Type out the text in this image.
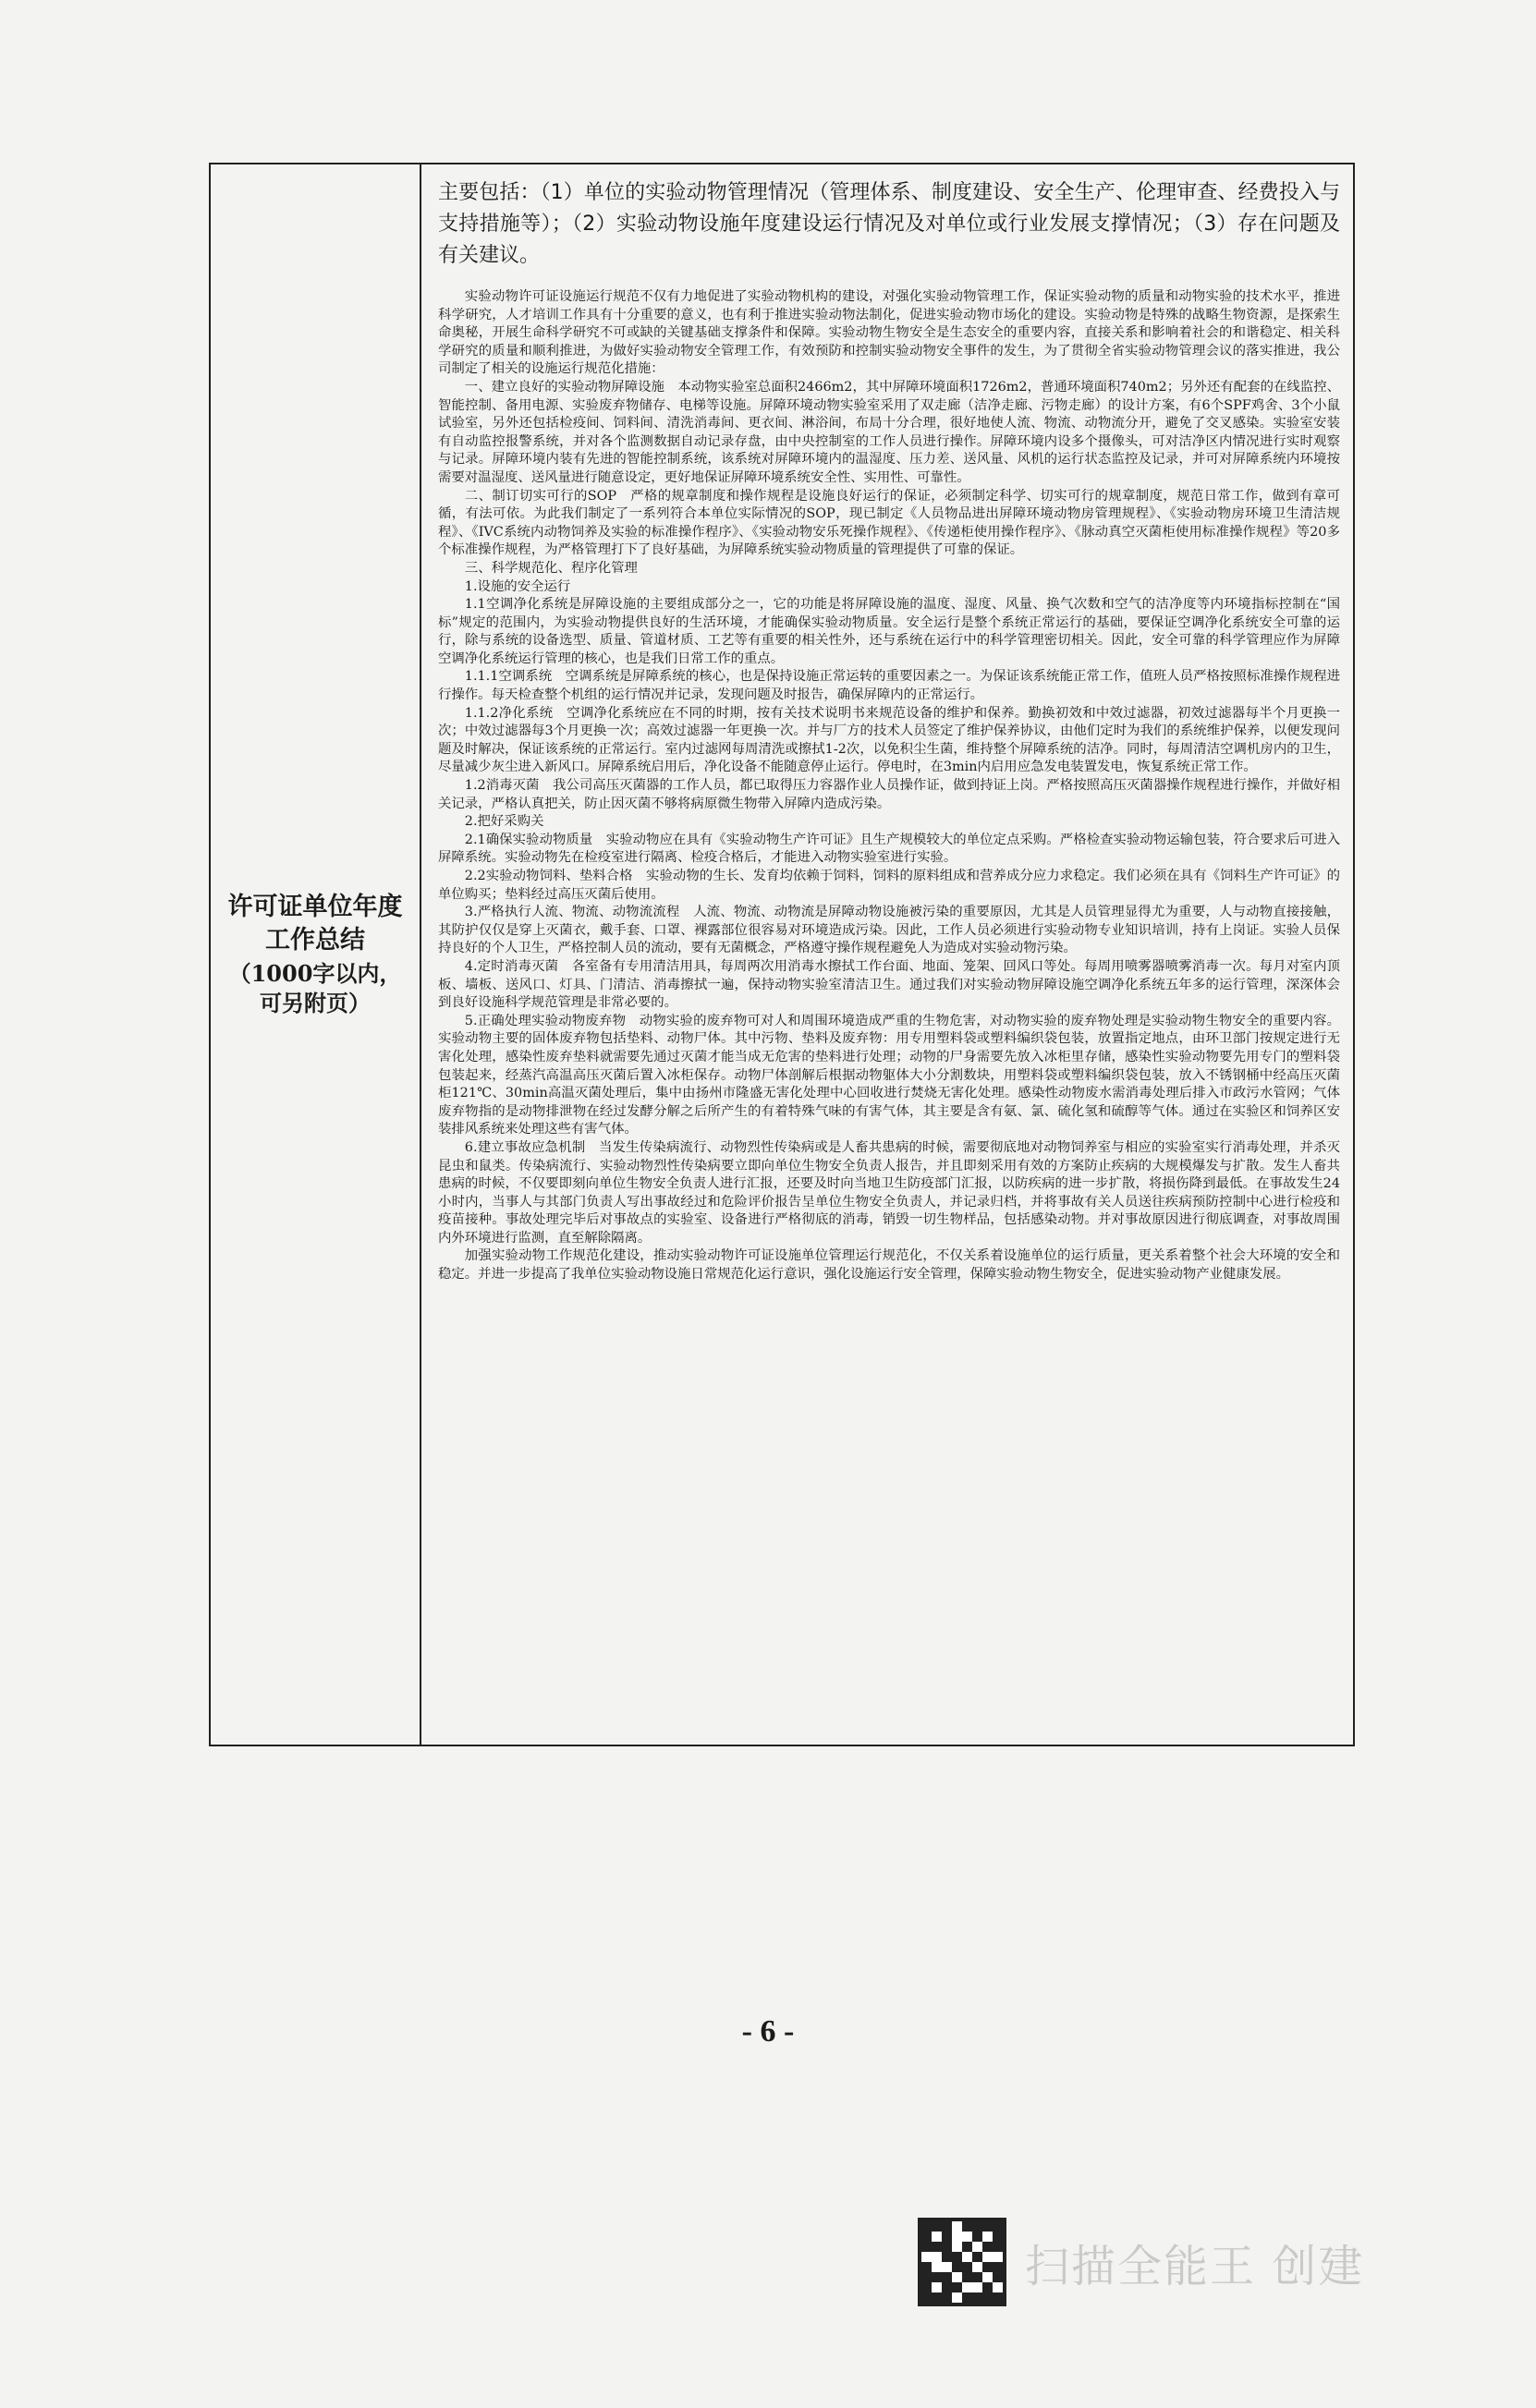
许可证单位年度工作总结
（1000字以内，可另附页）

主要包括：（1）单位的实验动物管理情况（管理体系、制度建设、安全生产、伦理审查、经费投入与支持措施等）；（2）实验动物设施年度建设运行情况及对单位或行业发展支撑情况；（3）存在问题及有关建议。

实验动物许可证设施运行规范不仅有力地促进了实验动物机构的建设，对强化实验动物管理工作，保证实验动物的质量和动物实验的技术水平，推进科学研究，人才培训工作具有十分重要的意义，也有利于推进实验动物法制化，促进实验动物市场化的建设。实验动物是特殊的战略生物资源，是探索生命奥秘，开展生命科学研究不可或缺的关键基础支撑条件和保障。实验动物生物安全是生态安全的重要内容，直接关系和影响着社会的和谐稳定、相关科学研究的质量和顺利推进，为做好实验动物安全管理工作，有效预防和控制实验动物安全事件的发生，为了贯彻全省实验动物管理会议的落实推进，我公司制定了相关的设施运行规范化措施：

一、建立良好的实验动物屏障设施　本动物实验室总面积2466m2，其中屏障环境面积1726m2，普通环境面积740m2；另外还有配套的在线监控、智能控制、备用电源、实验废弃物储存、电梯等设施。屏障环境动物实验室采用了双走廊（洁净走廊、污物走廊）的设计方案，有6个SPF鸡舍、3个小鼠试验室，另外还包括检疫间、饲料间、清洗消毒间、更衣间、淋浴间，布局十分合理，很好地使人流、物流、动物流分开，避免了交叉感染。实验室安装有自动监控报警系统，并对各个监测数据自动记录存盘，由中央控制室的工作人员进行操作。屏障环境内设多个摄像头，可对洁净区内情况进行实时观察与记录。屏障环境内装有先进的智能控制系统，该系统对屏障环境内的温湿度、压力差、送风量、风机的运行状态监控及记录，并可对屏障系统内环境按需要对温湿度、送风量进行随意设定，更好地保证屏障环境系统安全性、实用性、可靠性。

二、制订切实可行的SOP　严格的规章制度和操作规程是设施良好运行的保证，必须制定科学、切实可行的规章制度，规范日常工作，做到有章可循，有法可依。为此我们制定了一系列符合本单位实际情况的SOP，现已制定《人员物品进出屏障环境动物房管理规程》、《实验动物房环境卫生清洁规程》、《IVC系统内动物饲养及实验的标准操作程序》、《实验动物安乐死操作规程》、《传递柜使用操作程序》、《脉动真空灭菌柜使用标准操作规程》等20多个标准操作规程，为严格管理打下了良好基础，为屏障系统实验动物质量的管理提供了可靠的保证。

三、科学规范化、程序化管理

1.设施的安全运行

1.1空调净化系统是屏障设施的主要组成部分之一，它的功能是将屏障设施的温度、湿度、风量、换气次数和空气的洁净度等内环境指标控制在“国标”规定的范围内，为实验动物提供良好的生活环境，才能确保实验动物质量。安全运行是整个系统正常运行的基础，要保证空调净化系统安全可靠的运行，除与系统的设备选型、质量、管道材质、工艺等有重要的相关性外，还与系统在运行中的科学管理密切相关。因此，安全可靠的科学管理应作为屏障空调净化系统运行管理的核心，也是我们日常工作的重点。

1.1.1空调系统　空调系统是屏障系统的核心，也是保持设施正常运转的重要因素之一。为保证该系统能正常工作，值班人员严格按照标准操作规程进行操作。每天检查整个机组的运行情况并记录，发现问题及时报告，确保屏障内的正常运行。

1.1.2净化系统　空调净化系统应在不同的时期，按有关技术说明书来规范设备的维护和保养。勤换初效和中效过滤器，初效过滤器每半个月更换一次；中效过滤器每3个月更换一次；高效过滤器一年更换一次。并与厂方的技术人员签定了维护保养协议，由他们定时为我们的系统维护保养，以便发现问题及时解决，保证该系统的正常运行。室内过滤网每周清洗或擦拭1-2次，以免积尘生菌，维持整个屏障系统的洁净。同时，每周清洁空调机房内的卫生，尽量减少灰尘进入新风口。屏障系统启用后，净化设备不能随意停止运行。停电时，在3min内启用应急发电装置发电，恢复系统正常工作。

1.2消毒灭菌　我公司高压灭菌器的工作人员，都已取得压力容器作业人员操作证，做到持证上岗。严格按照高压灭菌器操作规程进行操作，并做好相关记录，严格认真把关，防止因灭菌不够将病原微生物带入屏障内造成污染。

2.把好采购关

2.1确保实验动物质量　实验动物应在具有《实验动物生产许可证》且生产规模较大的单位定点采购。严格检查实验动物运输包装，符合要求后可进入屏障系统。实验动物先在检疫室进行隔离、检疫合格后，才能进入动物实验室进行实验。

2.2实验动物饲料、垫料合格　实验动物的生长、发育均依赖于饲料，饲料的原料组成和营养成分应力求稳定。我们必须在具有《饲料生产许可证》的单位购买；垫料经过高压灭菌后使用。

3.严格执行人流、物流、动物流流程　人流、物流、动物流是屏障动物设施被污染的重要原因，尤其是人员管理显得尤为重要，人与动物直接接触，其防护仅仅是穿上灭菌衣，戴手套、口罩、裸露部位很容易对环境造成污染。因此，工作人员必须进行实验动物专业知识培训，持有上岗证。实验人员保持良好的个人卫生，严格控制人员的流动，要有无菌概念，严格遵守操作规程避免人为造成对实验动物污染。

4.定时消毒灭菌　各室备有专用清洁用具，每周两次用消毒水擦拭工作台面、地面、笼架、回风口等处。每周用喷雾器喷雾消毒一次。每月对室内顶板、墙板、送风口、灯具、门清洁、消毒擦拭一遍，保持动物实验室清洁卫生。通过我们对实验动物屏障设施空调净化系统五年多的运行管理，深深体会到良好设施科学规范管理是非常必要的。

5.正确处理实验动物废弃物　动物实验的废弃物可对人和周围环境造成严重的生物危害，对动物实验的废弃物处理是实验动物生物安全的重要内容。实验动物主要的固体废弃物包括垫料、动物尸体。其中污物、垫料及废弃物：用专用塑料袋或塑料编织袋包装，放置指定地点，由环卫部门按规定进行无害化处理，感染性废弃垫料就需要先通过灭菌才能当成无危害的垫料进行处理；动物的尸身需要先放入冰柜里存储，感染性实验动物要先用专门的塑料袋包装起来，经蒸汽高温高压灭菌后置入冰柜保存。动物尸体剖解后根据动物躯体大小分割数块，用塑料袋或塑料编织袋包装，放入不锈钢桶中经高压灭菌柜121℃、30min高温灭菌处理后，集中由扬州市隆盛无害化处理中心回收进行焚烧无害化处理。感染性动物废水需消毒处理后排入市政污水管网；气体废弃物指的是动物排泄物在经过发酵分解之后所产生的有着特殊气味的有害气体，其主要是含有氨、氯、硫化氢和硫醇等气体。通过在实验区和饲养区安装排风系统来处理这些有害气体。

6.建立事故应急机制　当发生传染病流行、动物烈性传染病或是人畜共患病的时候，需要彻底地对动物饲养室与相应的实验室实行消毒处理，并杀灭昆虫和鼠类。传染病流行、实验动物烈性传染病要立即向单位生物安全负责人报告，并且即刻采用有效的方案防止疾病的大规模爆发与扩散。发生人畜共患病的时候，不仅要即刻向单位生物安全负责人进行汇报，还要及时向当地卫生防疫部门汇报，以防疾病的进一步扩散，将损伤降到最低。在事故发生24小时内，当事人与其部门负责人写出事故经过和危险评价报告呈单位生物安全负责人，并记录归档，并将事故有关人员送往疾病预防控制中心进行检疫和疫苗接种。事故处理完毕后对事故点的实验室、设备进行严格彻底的消毒，销毁一切生物样品，包括感染动物。并对事故原因进行彻底调查，对事故周围内外环境进行监测，直至解除隔离。

加强实验动物工作规范化建设，推动实验动物许可证设施单位管理运行规范化，不仅关系着设施单位的运行质量，更关系着整个社会大环境的安全和稳定。并进一步提高了我单位实验动物设施日常规范化运行意识，强化设施运行安全管理，保障实验动物生物安全，促进实验动物产业健康发展。

- 6 -
扫描全能王 创建
